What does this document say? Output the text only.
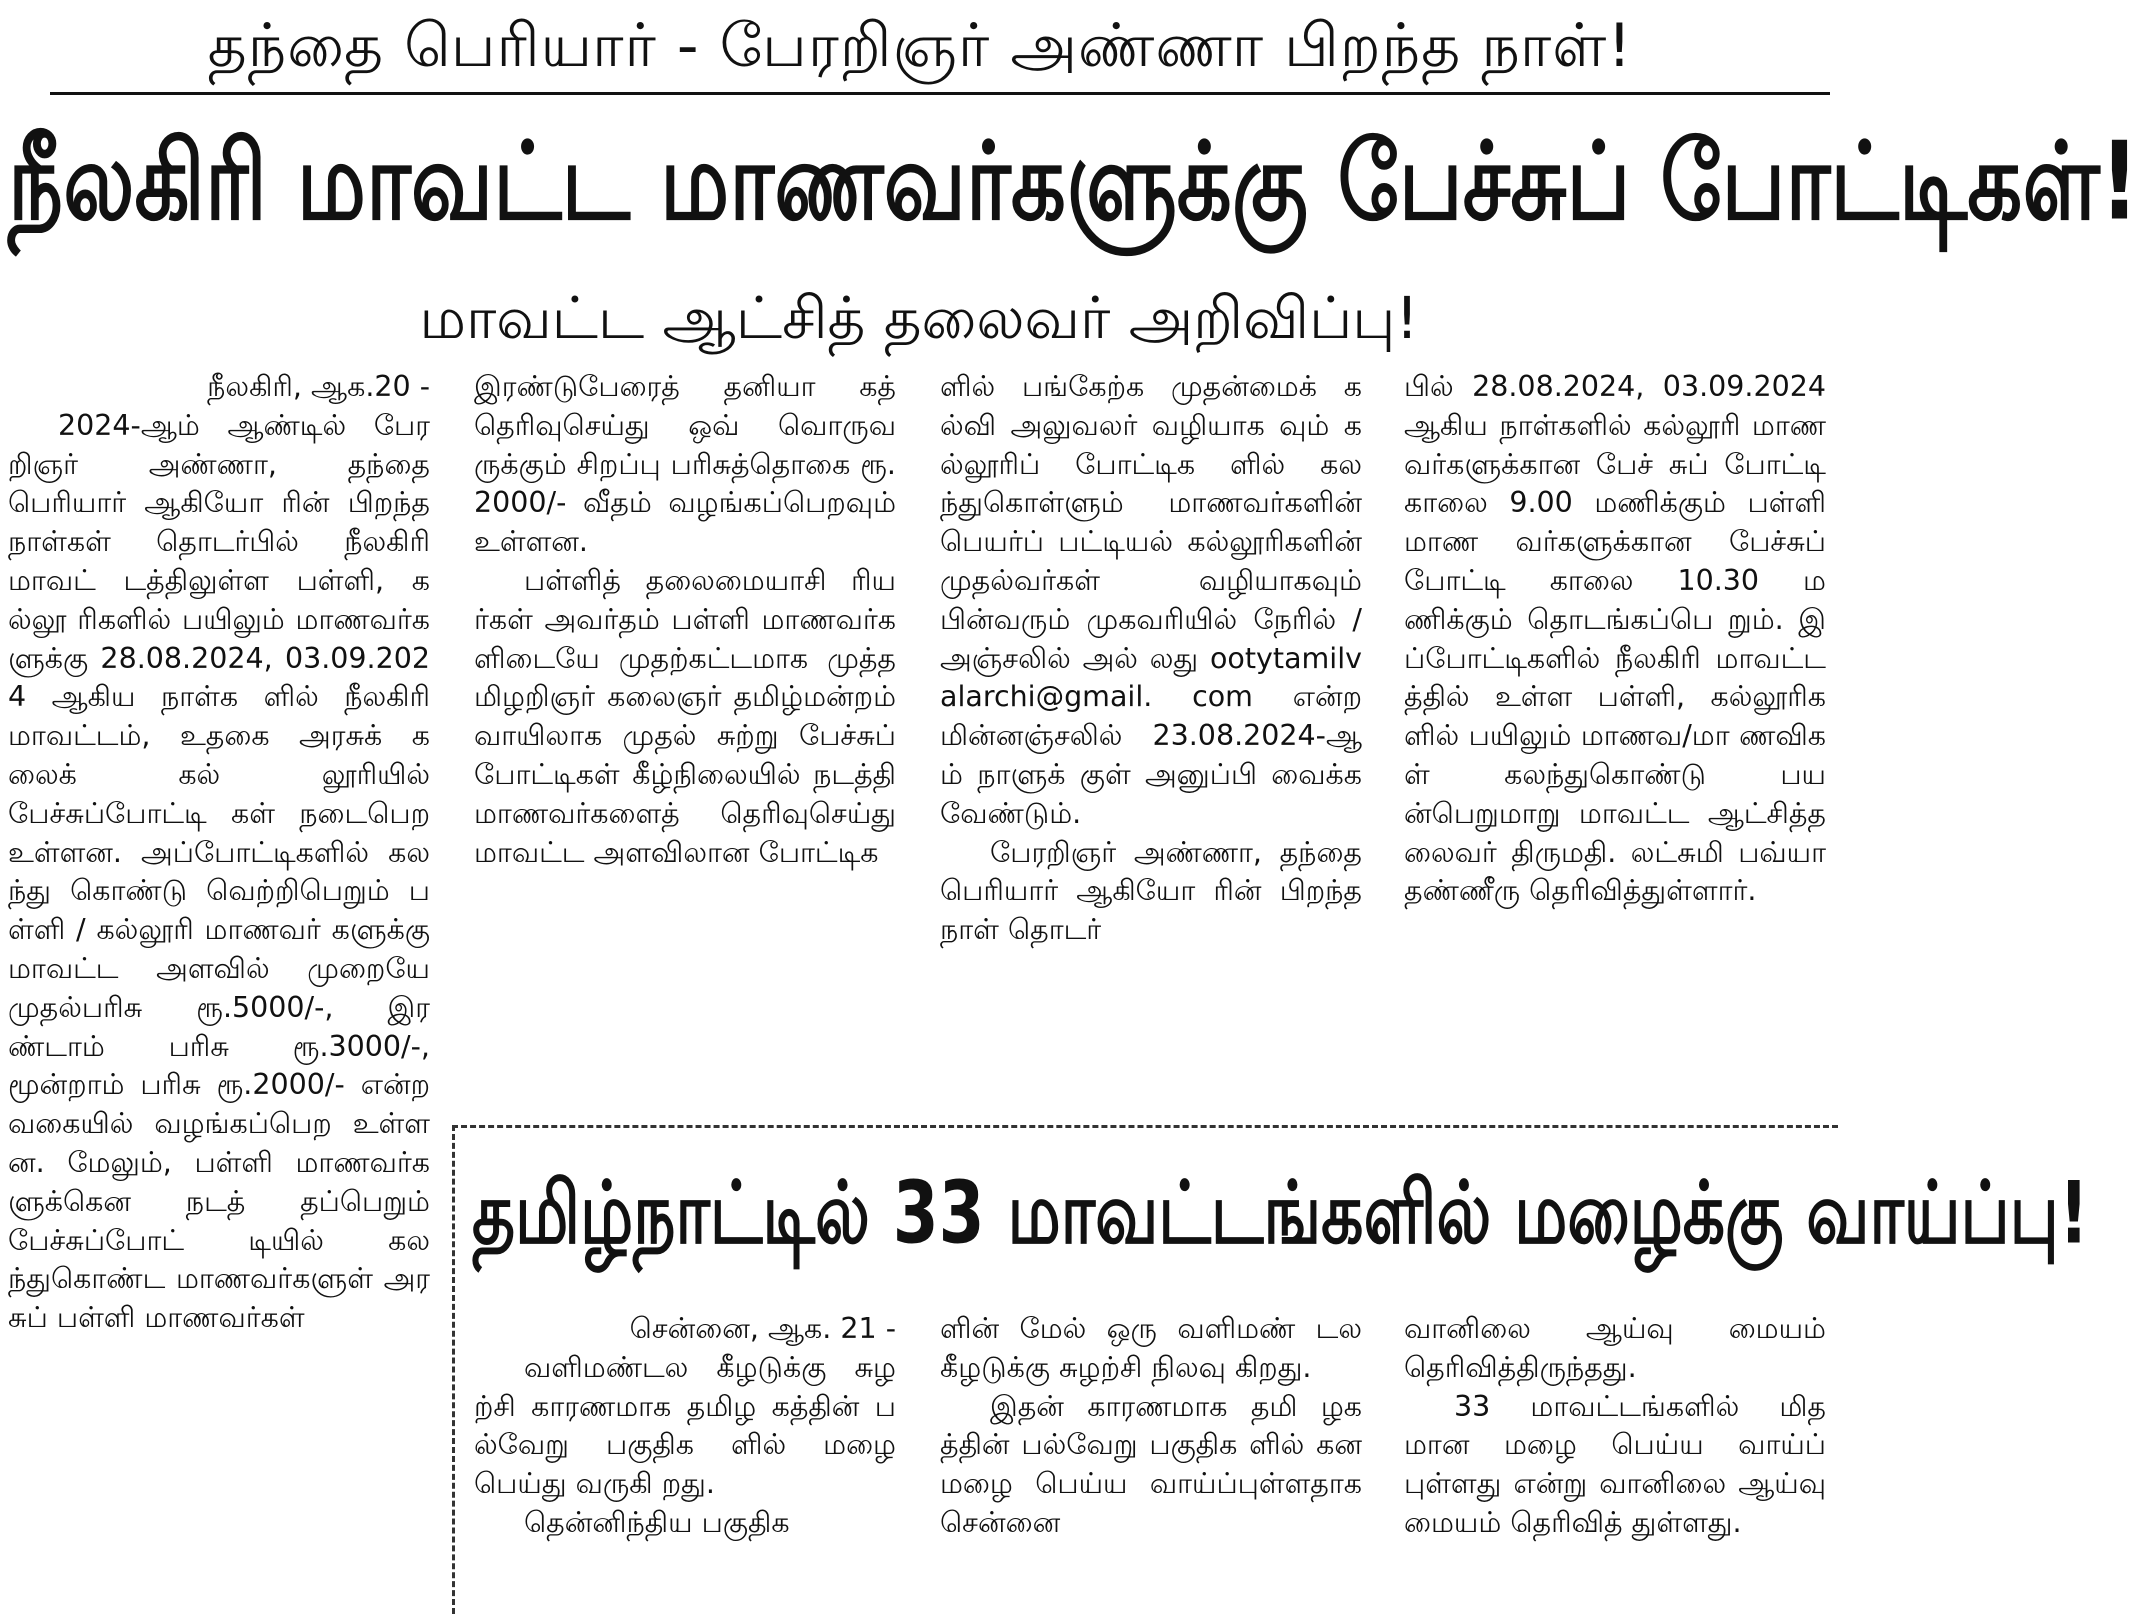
தந்தை பெரியார் - பேரறிஞர் அண்ணா பிறந்த நாள்!
நீலகிரி மாவட்ட மாணவர்களுக்கு பேச்சுப் போட்டிகள்!
மாவட்ட ஆட்சித் தலைவர் அறிவிப்பு!

நீலகிரி, ஆக.20 -

2024-ஆம் ஆண்டில் பேரறிஞர் அண்ணா, தந்தை பெரியார் ஆகியோ ரின் பிறந்தநாள்கள் தொடர்பில் நீலகிரி மாவட் டத்திலுள்ள பள்ளி, கல்லூ ரிகளில் பயிலும் மாணவர்க ளுக்கு 28.08.2024, 03.09.2024 ஆகிய நாள்க ளில் நீலகிரி மாவட்டம், உதகை அரசுக் கலைக் கல் லூரியில் பேச்சுப்போட்டி கள் நடைபெற உள்ளன. அப்போட்டிகளில் கலந்து கொண்டு வெற்றிபெறும் பள்ளி / கல்லூரி மாணவர் களுக்கு மாவட்ட அளவில் முறையே முதல்பரிசு ரூ.5000/-, இரண்டாம் பரிசு ரூ.3000/-, மூன்றாம் பரிசு ரூ.2000/- என்ற வகையில் வழங்கப்பெற உள்ளன. மேலும், பள்ளி மாணவர்களுக்கென நடத் தப்பெறும் பேச்சுப்போட் டியில் கலந்துகொண்ட மாணவர்களுள் அரசுப் பள்ளி மாணவர்கள்

இரண்டுபேரைத் தனியா கத் தெரிவுசெய்து ஒவ் வொருவருக்கும் சிறப்பு பரிசுத்தொகை ரூ.2000/- வீதம் வழங்கப்பெறவும் உள்ளன.

பள்ளித் தலைமையாசி ரியர்கள் அவர்தம் பள்ளி மாணவர்களிடையே முதற்கட்டமாக முத்தமிழறிஞர் கலைஞர் தமிழ்மன்றம் வாயிலாக முதல் சுற்று பேச்சுப் போட்டிகள் கீழ்நிலையில் நடத்தி மாணவர்களைத் தெரிவுசெய்து மாவட்ட அளவிலான போட்டிக

ளில் பங்கேற்க முதன்மைக் கல்வி அலுவலர் வழியாக வும் கல்லூரிப் போட்டிக ளில் கலந்துகொள்ளும் மாணவர்களின் பெயர்ப் பட்டியல் கல்லூரிகளின் முதல்வர்கள் வழியாகவும் பின்வரும் முகவரியில் நேரில் / அஞ்சலில் அல் லது ootytamilvalarchi@gmail. com என்ற மின்னஞ்சலில் 23.08.2024-ஆம் நாளுக் குள் அனுப்பி வைக்க வேண்டும்.

பேரறிஞர் அண்ணா, தந்தை பெரியார் ஆகியோ ரின் பிறந்தநாள் தொடர்

பில் 28.08.2024, 03.09.2024 ஆகிய நாள்களில் கல்லூரி மாணவர்களுக்கான பேச் சுப் போட்டி காலை 9.00 மணிக்கும் பள்ளி மாண வர்களுக்கான பேச்சுப் போட்டி காலை 10.30 மணிக்கும் தொடங்கப்பெ றும். இப்போட்டிகளில் நீலகிரி மாவட்டத்தில் உள்ள பள்ளி, கல்லூரிக ளில் பயிலும் மாணவ/மா ணவிகள் கலந்துகொண்டு பயன்பெறுமாறு மாவட்ட ஆட்சித்தலைவர் திருமதி. லட்சுமி பவ்யா தண்ணீரு தெரிவித்துள்ளார்.

தமிழ்நாட்டில் 33 மாவட்டங்களில் மழைக்கு வாய்ப்பு!

சென்னை, ஆக. 21 -

வளிமண்டல கீழடுக்கு சுழற்சி காரணமாக தமிழ கத்தின் பல்வேறு பகுதிக ளில் மழை பெய்து வருகி றது.

தென்னிந்திய பகுதிக

ளின் மேல் ஒரு வளிமண் டல கீழடுக்கு சுழற்சி நிலவு கிறது.

இதன் காரணமாக தமி ழகத்தின் பல்வேறு பகுதிக ளில் கனமழை பெய்ய வாய்ப்புள்ளதாக சென்னை

வானிலை ஆய்வு மையம் தெரிவித்திருந்தது.

33 மாவட்டங்களில் மித மான மழை பெய்ய வாய்ப் புள்ளது என்று வானிலை ஆய்வு மையம் தெரிவித் துள்ளது.
